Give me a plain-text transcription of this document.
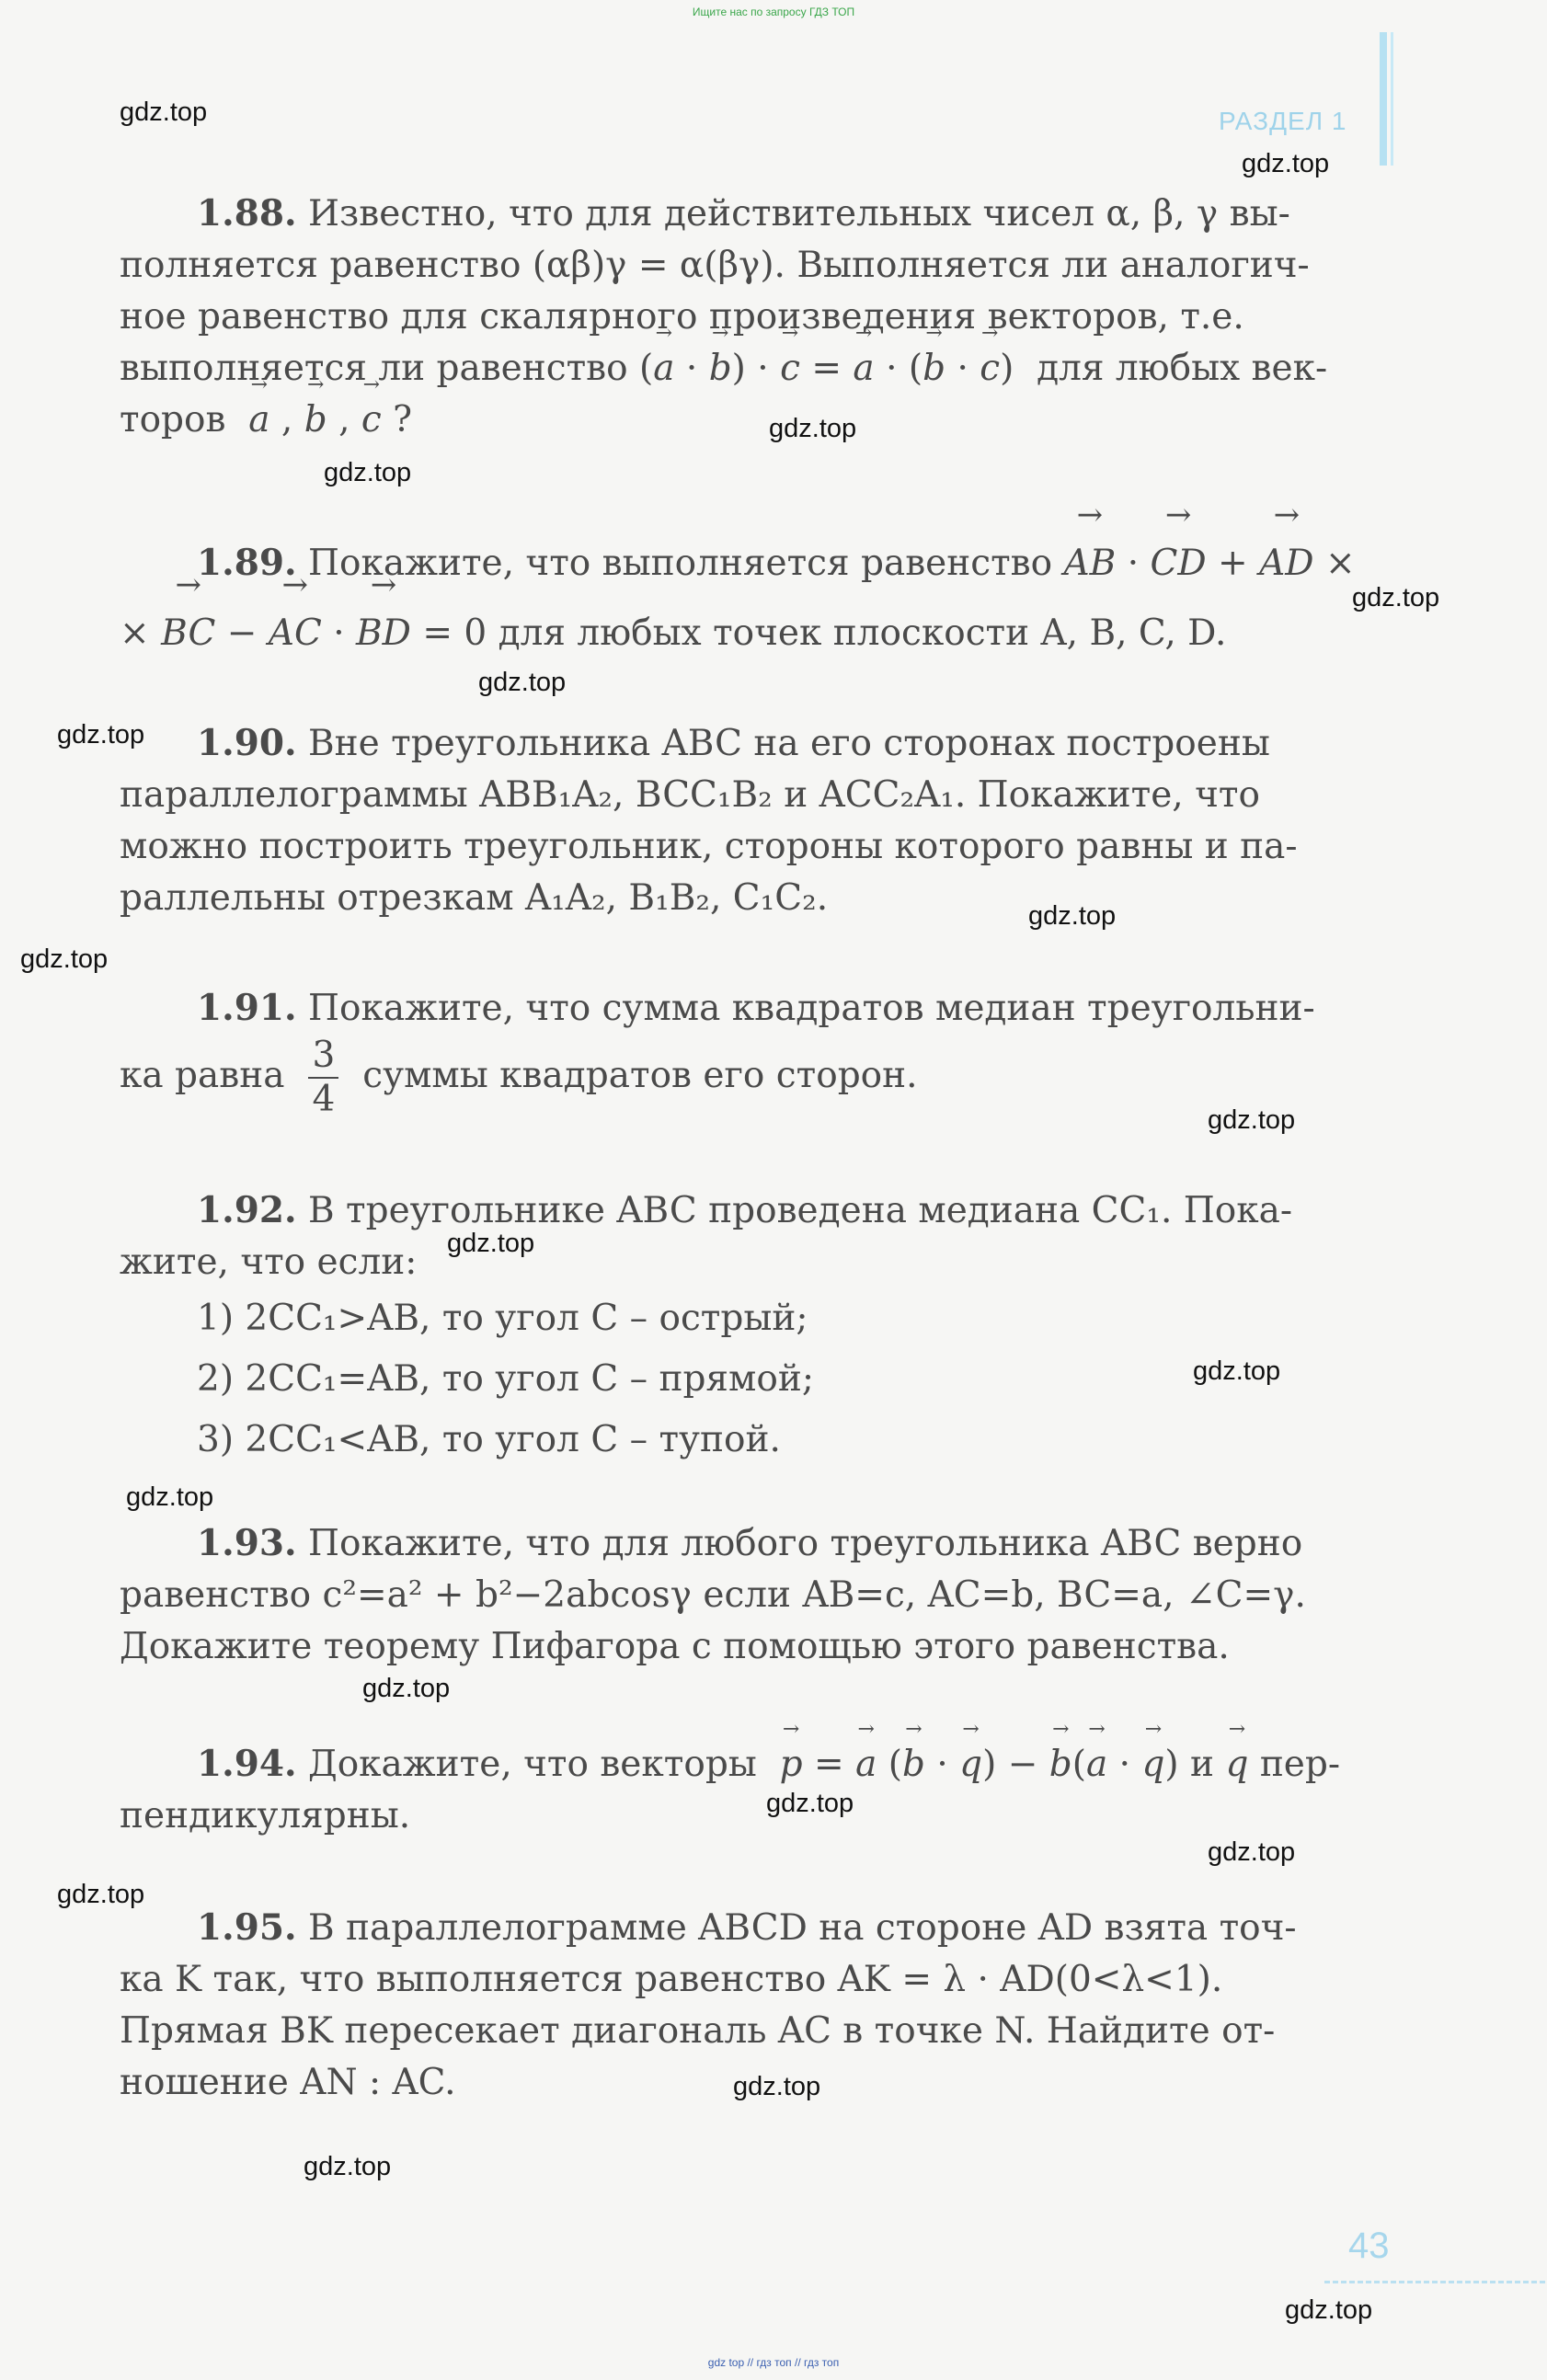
Ищите нас по запросу ГДЗ ТОП
РАЗДЕЛ 1
gdz.top
gdz.top
gdz.top
gdz.top
gdz.top
gdz.top
gdz.top
gdz.top
gdz.top
gdz.top
gdz.top
gdz.top
gdz.top
gdz.top
gdz.top
gdz.top
gdz.top
gdz.top
gdz.top
gdz.top
1.88. Известно, что для действительных чисел α, β, γ вы-
полняется равенство (αβ)γ = α(βγ). Выполняется ли аналогич-
ное равенство для скалярного произведения векторов, т.е.
выполняется ли равенство (→ a · → b) · → c = → a · (→ b · → c)  для любых век-
торов → a , → b , → c ?
1.89. Покажите, что выполняется равенство → AB · → CD + → AD ×
× → BC − → AC · → BD = 0 для любых точек плоскости A, B, C, D.
1.90. Вне треугольника ABC на его сторонах построены
параллелограммы ABB₁A₂, BCC₁B₂ и ACC₂A₁. Покажите, что
можно построить треугольник, стороны которого равны и па-
раллельны отрезкам A₁A₂, B₁B₂, C₁C₂.
1.91. Покажите, что сумма квадратов медиан треугольни-
ка равна $\frac{3}{4}$ суммы квадратов его сторон.
1.92. В треугольнике ABC проведена медиана CC₁. Пока-
жите, что если:
1) 2CC₁>AB, то угол C – острый;
2) 2CC₁=AB, то угол C – прямой;
3) 2CC₁<AB, то угол C – тупой.
1.93. Покажите, что для любого треугольника ABC верно
равенство c²=a² + b²−2abcosγ если AB=c, AC=b, BC=a, ∠C=γ.
Докажите теорему Пифагора с помощью этого равенства.
1.94. Докажите, что векторы → p = → a (→ b · → q) − → b(→ a · → q) и → q пер-
пендикулярны.
1.95. В параллелограмме ABCD на стороне AD взята точ-
ка K так, что выполняется равенство AK = λ · AD(0<λ<1).
Прямая BK пересекает диагональ AC в точке N. Найдите от-
ношение AN : AC.
43
gdz top // гдз топ // гдз топ
